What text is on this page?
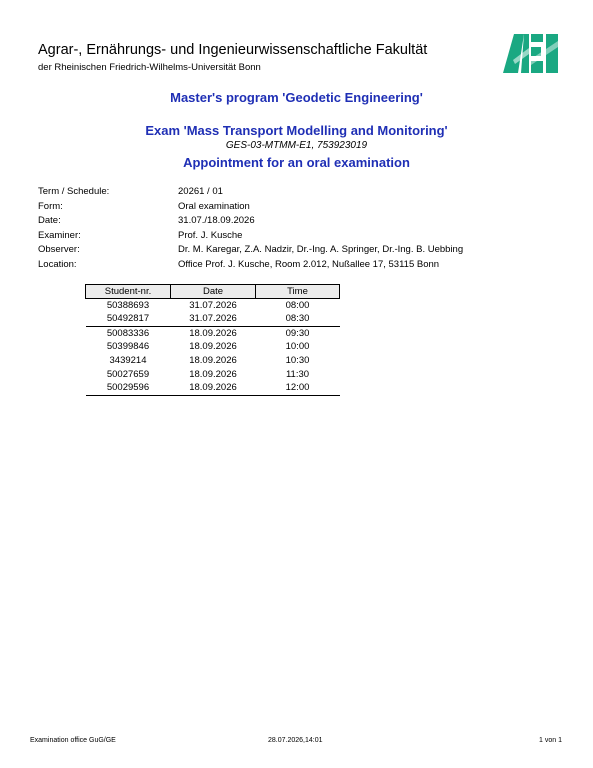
Agrar-, Ernährungs- und Ingenieurwissenschaftliche Fakultät
der Rheinischen Friedrich-Wilhelms-Universität Bonn
Master's program 'Geodetic Engineering'
Exam 'Mass Transport Modelling and Monitoring'
GES-03-MTMM-E1, 753923019
Appointment for an oral examination
Term / Schedule:	20261 / 01
Form:	Oral examination
Date:	31.07./18.09.2026
Examiner:	Prof. J. Kusche
Observer:	Dr. M. Karegar, Z.A. Nadzir, Dr.-Ing. A. Springer, Dr.-Ing. B. Uebbing
Location:	Office Prof. J. Kusche, Room 2.012, Nußallee 17, 53115 Bonn
Student-nr.	Date	Time
50388693	31.07.2026	08:00
50492817	31.07.2026	08:30
50083336	18.09.2026	09:30
50399846	18.09.2026	10:00
3439214	18.09.2026	10:30
50027659	18.09.2026	11:30
50029596	18.09.2026	12:00
Examination office GuG/GE	28.07.2026,14:01	1 von 1
